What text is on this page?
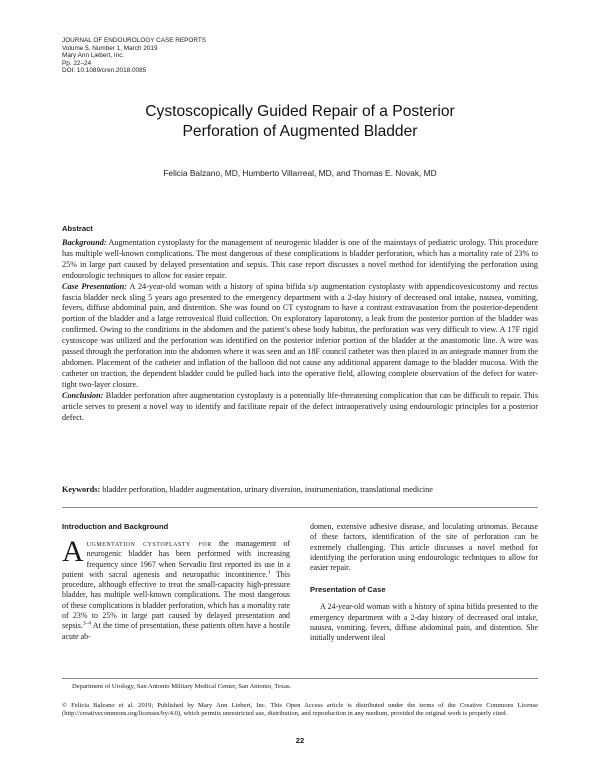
JOURNAL OF ENDOUROLOGY CASE REPORTS
Volume 5, Number 1, March 2019
Mary Ann Liebert, Inc.
Pp. 22–24
DOI: 10.1089/cren.2018.0085
Cystoscopically Guided Repair of a Posterior
Perforation of Augmented Bladder
Felicia Balzano, MD, Humberto Villarreal, MD, and Thomas E. Novak, MD
Abstract

Background: Augmentation cystoplasty for the management of neurogenic bladder is one of the mainstays of pediatric urology. This procedure has multiple well-known complications. The most dangerous of these complications is bladder perforation, which has a mortality rate of 23% to 25% in large part caused by delayed presentation and sepsis. This case report discusses a novel method for identifying the perforation using endourologic techniques to allow for easier repair.

Case Presentation: A 24-year-old woman with a history of spina bifida s/p augmentation cystoplasty with appendicovesicostomy and rectus fascia bladder neck sling 5 years ago presented to the emergency department with a 2-day history of decreased oral intake, nausea, vomiting, fevers, diffuse abdominal pain, and distention. She was found on CT cystogram to have a contrast extravasation from the posterior-dependent portion of the bladder and a large retrovesical fluid collection. On exploratory laparotomy, a leak from the posterior portion of the bladder was confirmed. Owing to the conditions in the abdomen and the patient’s obese body habitus, the perforation was very difficult to view. A 17F rigid cystoscope was utilized and the perforation was identified on the posterior inferior portion of the bladder at the anastomotic line. A wire was passed through the perforation into the abdomen where it was seen and an 18F council catheter was then placed in an antegrade manner from the abdomen. Placement of the catheter and inflation of the balloon did not cause any additional apparent damage to the bladder mucosa. With the catheter on traction, the dependent bladder could be pulled back into the operative field, allowing complete observation of the defect for water-tight two-layer closure.

Conclusion: Bladder perforation after augmentation cystoplasty is a potentially life-threatening complication that can be difficult to repair. This article serves to present a novel way to identify and facilitate repair of the defect intraoperatively using endourologic principles for a posterior defect.

Keywords: bladder perforation, bladder augmentation, urinary diversion, instrumentation, translational medicine
Introduction and Background

Augmentation cystoplasty for the management of neurogenic bladder has been performed with increasing frequency since 1967 when Servadio first reported its use in a patient with sacral agenesis and neuropathic incontinence.$^1$ This procedure, although effective to treat the small-capacity high-pressure bladder, has multiple well-known complications. The most dangerous of these complications is bladder perforation, which has a mortality rate of 23% to 25% in large part caused by delayed presentation and sepsis.$^{3-4}$ At the time of presentation, these patients often have a hostile acute ab-

domen, extensive adhesive disease, and loculating urinomas. Because of these factors, identification of the site of perforation can be extremely challenging. This article discusses a novel method for identifying the perforation using endourologic techniques to allow for easier repair.

Presentation of Case

A 24-year-old woman with a history of spina bifida presented to the emergency department with a 2-day history of decreased oral intake, nausea, vomiting, fevers, diffuse abdominal pain, and distention. She initially underwent ileal

Department of Urology, San Antonio Military Medical Center, San Antonio, Texas.
© Felicia Balzano et al. 2019; Published by Mary Ann Liebert, Inc. This Open Access article is distributed under the terms of the Creative Commons License (http://creativecommons.org/licenses/by/4.0), which permits unrestricted use, distribution, and reproduction in any medium, provided the original work is properly cited.
22
